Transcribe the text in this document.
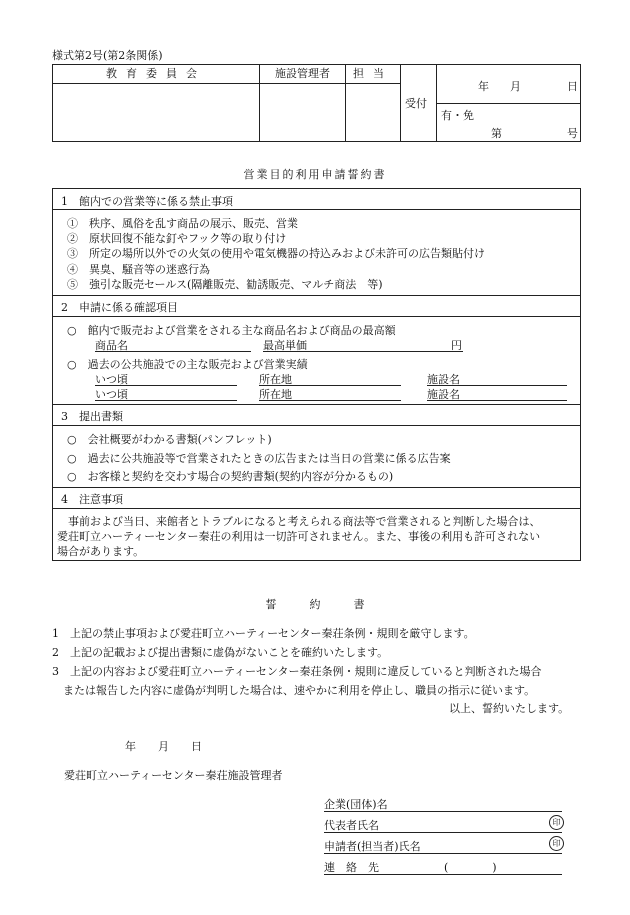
様式第2号(第2条関係)
教育委員会	施設管理者	担当
受付
年 月	日
有・免
第	号
営業目的利用申請誓約書
1　館内での営業等に係る禁止事項
①　秩序、風俗を乱す商品の展示、販売、営業
②　原状回復不能な釘やフック等の取り付け
③　所定の場所以外での火気の使用や電気機器の持込みおよび未許可の広告類貼付け
④　異臭、騒音等の迷惑行為
⑤　強引な販売セールス(隔離販売、勧誘販売、マルチ商法　等)
2　申請に係る確認項目
○　館内で販売および営業をされる主な商品名および商品の最高額
商品名	最高単価	円
○　過去の公共施設での主な販売および営業実績
いつ頃	所在地	施設名
いつ頃	所在地	施設名
3　提出書類
○　会社概要がわかる書類(パンフレット)
○　過去に公共施設等で営業されたときの広告または当日の営業に係る広告案
○　お客様と契約を交わす場合の契約書類(契約内容が分かるもの)
4　注意事項
　事前および当日、来館者とトラブルになると考えられる商法等で営業されると判断した場合は、
愛荘町立ハーティーセンター秦荘の利用は一切許可されません。また、事後の利用も許可されない
場合があります。
誓　　　約　　　書
1　上記の禁止事項および愛荘町立ハーティーセンター秦荘条例・規則を厳守します。
2　上記の記載および提出書類に虚偽がないことを確約いたします。
3　上記の内容および愛荘町立ハーティーセンター秦荘条例・規則に違反していると判断された場合
　または報告した内容に虚偽が判明した場合は、速やかに利用を停止し、職員の指示に従います。
以上、誓約いたします。
年　　月　　日
愛荘町立ハーティーセンター秦荘施設管理者
企業(団体)名
代表者氏名	印
申請者(担当者)氏名	印
連　絡　先	(　　　　)
